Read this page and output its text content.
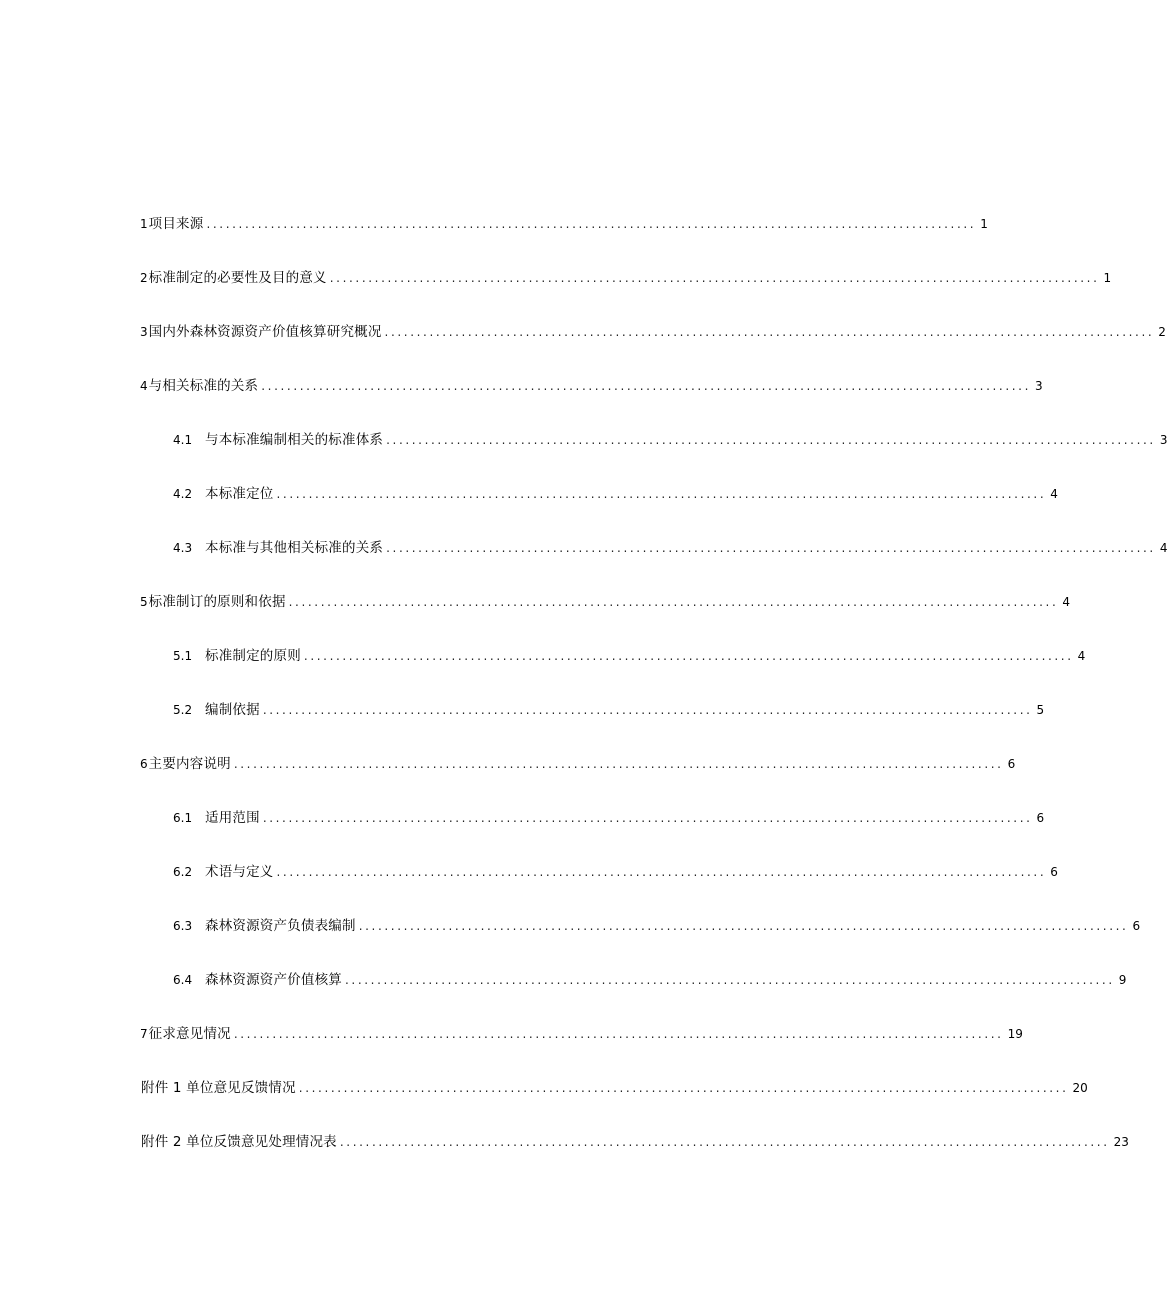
1 项目来源 ........................................................................................................................ 1
2 标准制定的必要性及目的意义 ........................................................................................................................ 1
3 国内外森林资源资产价值核算研究概况 ........................................................................................................................ 2
4 与相关标准的关系 ........................................................................................................................ 3
4.1 与本标准编制相关的标准体系 ........................................................................................................................ 3
4.2 本标准定位 ........................................................................................................................ 4
4.3 本标准与其他相关标准的关系 ........................................................................................................................ 4
5 标准制订的原则和依据 ........................................................................................................................ 4
5.1 标准制定的原则 ........................................................................................................................ 4
5.2 编制依据 ........................................................................................................................ 5
6 主要内容说明 ........................................................................................................................ 6
6.1 适用范围 ........................................................................................................................ 6
6.2 术语与定义 ........................................................................................................................ 6
6.3 森林资源资产负债表编制 ........................................................................................................................ 6
6.4 森林资源资产价值核算 ........................................................................................................................ 9
7 征求意见情况 ........................................................................................................................ 19
附件 1 单位意见反馈情况 ........................................................................................................................ 20
附件 2 单位反馈意见处理情况表 ........................................................................................................................ 23
